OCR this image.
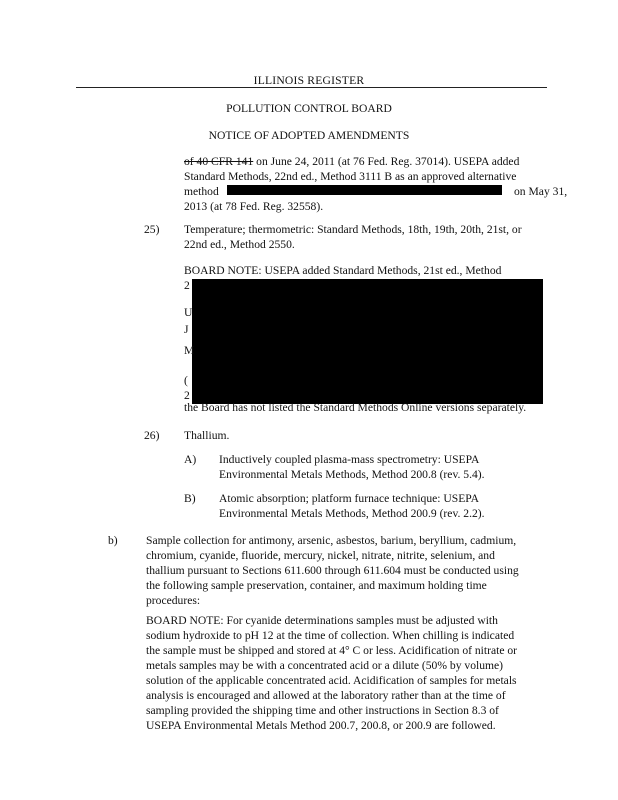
ILLINOIS REGISTER
POLLUTION CONTROL BOARD
NOTICE OF ADOPTED AMENDMENTS
of 40 CFR 141 on June 24, 2011 (at 76 Fed. Reg. 37014). USEPA added
Standard Methods, 22nd ed., Method 3111 B as an approved alternative
method	on May 31,
2013 (at 78 Fed. Reg. 32558).
25) Temperature; thermometric: Standard Methods, 18th, 19th, 20th, 21st, or
22nd ed., Method 2550.
BOARD NOTE: USEPA added Standard Methods, 21st ed., Method
2
U
J
M
(
2
the Board has not listed the Standard Methods Online versions separately.
26) Thallium.
A) Inductively coupled plasma-mass spectrometry: USEPA
Environmental Metals Methods, Method 200.8 (rev. 5.4).
B) Atomic absorption; platform furnace technique: USEPA
Environmental Metals Methods, Method 200.9 (rev. 2.2).
b) Sample collection for antimony, arsenic, asbestos, barium, beryllium, cadmium,
chromium, cyanide, fluoride, mercury, nickel, nitrate, nitrite, selenium, and
thallium pursuant to Sections 611.600 through 611.604 must be conducted using
the following sample preservation, container, and maximum holding time
procedures:
BOARD NOTE: For cyanide determinations samples must be adjusted with
sodium hydroxide to pH 12 at the time of collection. When chilling is indicated
the sample must be shipped and stored at 4° C or less. Acidification of nitrate or
metals samples may be with a concentrated acid or a dilute (50% by volume)
solution of the applicable concentrated acid. Acidification of samples for metals
analysis is encouraged and allowed at the laboratory rather than at the time of
sampling provided the shipping time and other instructions in Section 8.3 of
USEPA Environmental Metals Method 200.7, 200.8, or 200.9 are followed.
